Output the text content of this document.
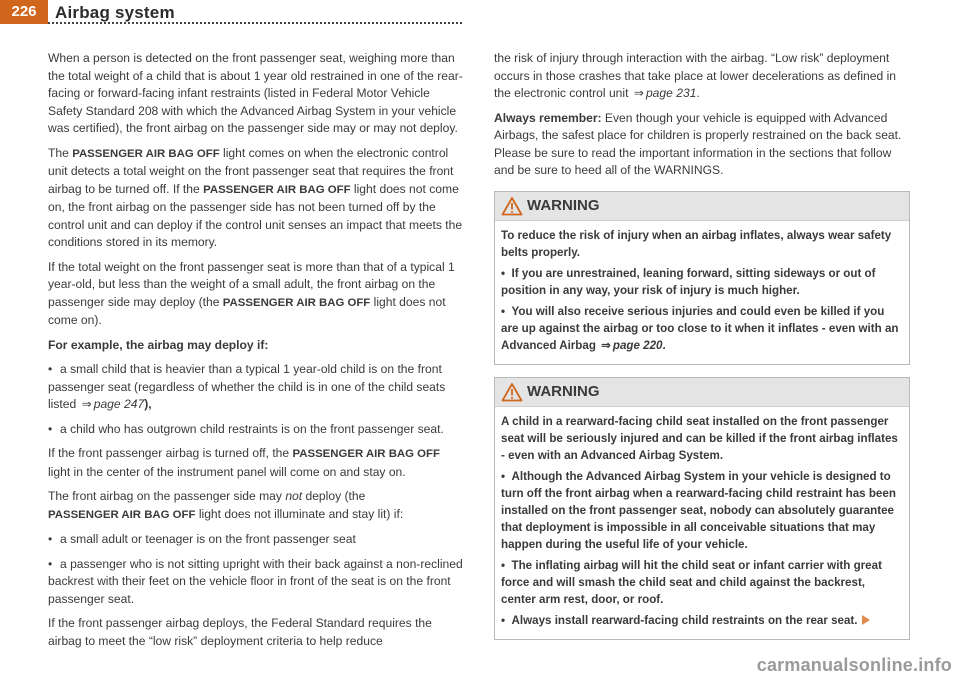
226	Airbag system

When a person is detected on the front passenger seat, weighing more than the total weight of a child that is about 1 year old restrained in one of the rear-facing or forward-facing infant restraints (listed in Federal Motor Vehicle Safety Standard 208 with which the Advanced Airbag System in your vehicle was certified), the front airbag on the passenger side may or may not deploy.

The PASSENGER AIR BAG OFF light comes on when the electronic control unit detects a total weight on the front passenger seat that requires the front airbag to be turned off. If the PASSENGER AIR BAG OFF light does not come on, the front airbag on the passenger side has not been turned off by the control unit and can deploy if the control unit senses an impact that meets the conditions stored in its memory.

If the total weight on the front passenger seat is more than that of a typical 1 year-old, but less than the weight of a small adult, the front airbag on the passenger side may deploy (the PASSENGER AIR BAG OFF light does not come on).

For example, the airbag may deploy if:

• a small child that is heavier than a typical 1 year-old child is on the front passenger seat (regardless of whether the child is in one of the child seats listed ⇒ page 247),

• a child who has outgrown child restraints is on the front passenger seat.

If the front passenger airbag is turned off, the PASSENGER AIR BAG OFF light in the center of the instrument panel will come on and stay on.

The front airbag on the passenger side may not deploy (the
PASSENGER AIR BAG OFF light does not illuminate and stay lit) if:

• a small adult or teenager is on the front passenger seat

• a passenger who is not sitting upright with their back against a non-reclined backrest with their feet on the vehicle floor in front of the seat is on the front passenger seat.

If the front passenger airbag deploys, the Federal Standard requires the airbag to meet the “low risk” deployment criteria to help reduce

the risk of injury through interaction with the airbag. “Low risk” deployment occurs in those crashes that take place at lower decelerations as defined in the electronic control unit ⇒ page 231.

Always remember: Even though your vehicle is equipped with Advanced Airbags, the safest place for children is properly restrained on the back seat. Please be sure to read the important information in the sections that follow and be sure to heed all of the WARNINGS.

WARNING

To reduce the risk of injury when an airbag inflates, always wear safety belts properly.

•  If you are unrestrained, leaning forward, sitting sideways or out of position in any way, your risk of injury is much higher.

•  You will also receive serious injuries and could even be killed if you are up against the airbag or too close to it when it inflates - even with an Advanced Airbag ⇒ page 220.

WARNING

A child in a rearward-facing child seat installed on the front passenger seat will be seriously injured and can be killed if the front airbag inflates - even with an Advanced Airbag System.

•  Although the Advanced Airbag System in your vehicle is designed to turn off the front airbag when a rearward-facing child restraint has been installed on the front passenger seat, nobody can absolutely guarantee that deployment is impossible in all conceivable situations that may happen during the useful life of your vehicle.

•  The inflating airbag will hit the child seat or infant carrier with great force and will smash the child seat and child against the backrest, center arm rest, door, or roof.

•  Always install rearward-facing child restraints on the rear seat.

carmanualsonline.info
